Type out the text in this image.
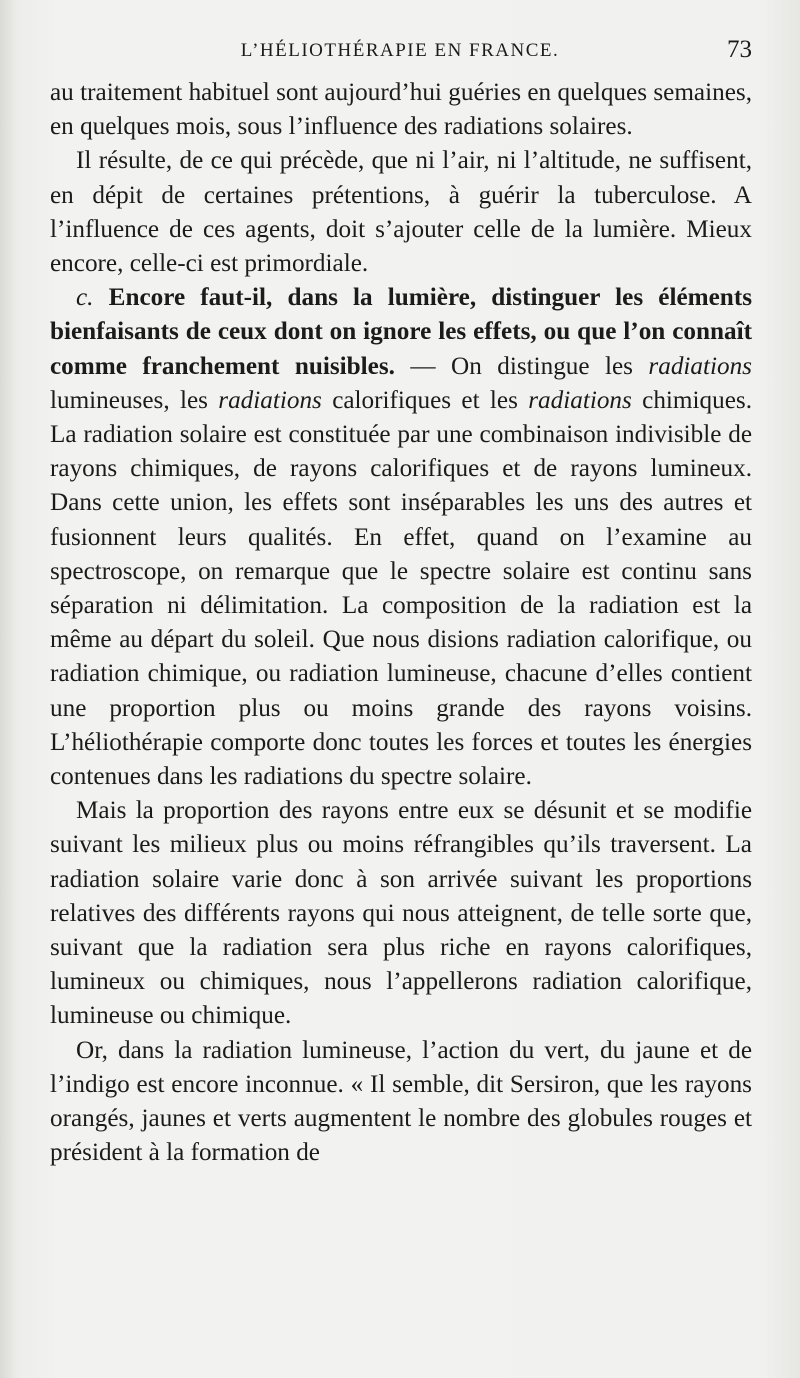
L’HÉLIOTHÉRAPIE EN FRANCE.	73

au traitement habituel sont aujourd’hui guéries en quelques semaines, en quelques mois, sous l’influence des radiations solaires.

Il résulte, de ce qui précède, que ni l’air, ni l’altitude, ne suffisent, en dépit de certaines prétentions, à guérir la tuberculose. A l’influence de ces agents, doit s’ajouter celle de la lumière. Mieux encore, celle-ci est primordiale.

c. Encore faut-il, dans la lumière, distinguer les éléments bienfaisants de ceux dont on ignore les effets, ou que l’on connaît comme franchement nuisibles. — On distingue les radiations lumineuses, les radiations calorifiques et les radiations chimiques. La radiation solaire est constituée par une combinaison indivisible de rayons chimiques, de rayons calorifiques et de rayons lumineux. Dans cette union, les effets sont inséparables les uns des autres et fusionnent leurs qualités. En effet, quand on l’examine au spectroscope, on remarque que le spectre solaire est continu sans séparation ni délimitation. La composition de la radiation est la même au départ du soleil. Que nous disions radiation calorifique, ou radiation chimique, ou radiation lumineuse, chacune d’elles contient une proportion plus ou moins grande des rayons voisins. L’héliothérapie comporte donc toutes les forces et toutes les énergies contenues dans les radiations du spectre solaire.

Mais la proportion des rayons entre eux se désunit et se modifie suivant les milieux plus ou moins réfrangibles qu’ils traversent. La radiation solaire varie donc à son arrivée suivant les proportions relatives des différents rayons qui nous atteignent, de telle sorte que, suivant que la radiation sera plus riche en rayons calorifiques, lumineux ou chimiques, nous l’appellerons radiation calorifique, lumineuse ou chimique.

Or, dans la radiation lumineuse, l’action du vert, du jaune et de l’indigo est encore inconnue. « Il semble, dit Sersiron, que les rayons orangés, jaunes et verts augmentent le nombre des globules rouges et président à la formation de
